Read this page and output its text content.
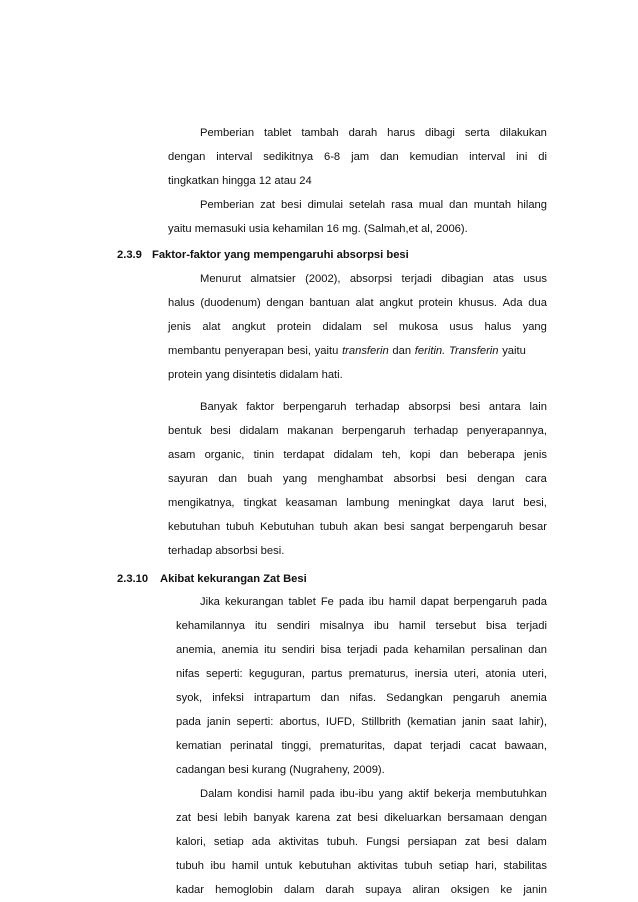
Pemberian tablet tambah darah harus dibagi serta dilakukan
dengan interval sedikitnya 6-8 jam dan kemudian interval ini di
tingkatkan hingga 12 atau 24
Pemberian zat besi dimulai setelah rasa mual dan muntah hilang
yaitu memasuki usia kehamilan 16 mg. (Salmah,et al, 2006).
2.3.9 Faktor-faktor yang mempengaruhi absorpsi besi
Menurut almatsier (2002), absorpsi terjadi dibagian atas usus
halus (duodenum) dengan bantuan alat angkut protein khusus. Ada dua
jenis alat angkut protein didalam sel mukosa usus halus yang
membantu penyerapan besi, yaitu transferin dan feritin. Transferin yaitu
protein yang disintetis didalam hati.
Banyak faktor berpengaruh terhadap absorpsi besi antara lain
bentuk besi didalam makanan berpengaruh terhadap penyerapannya,
asam organic, tinin terdapat didalam teh, kopi dan beberapa jenis
sayuran dan buah yang menghambat absorbsi besi dengan cara
mengikatnya, tingkat keasaman lambung meningkat daya larut besi,
kebutuhan tubuh Kebutuhan tubuh akan besi sangat berpengaruh besar
terhadap absorbsi besi.
2.3.10 Akibat kekurangan Zat Besi
Jika kekurangan tablet Fe pada ibu hamil dapat berpengaruh pada
kehamilannya itu sendiri misalnya ibu hamil tersebut bisa terjadi
anemia, anemia itu sendiri bisa terjadi pada kehamilan persalinan dan
nifas seperti: keguguran, partus prematurus, inersia uteri, atonia uteri,
syok, infeksi intrapartum dan nifas. Sedangkan pengaruh anemia
pada janin seperti: abortus, IUFD, Stillbrith (kematian janin saat lahir),
kematian perinatal tinggi, prematuritas, dapat terjadi cacat bawaan,
cadangan besi kurang (Nugraheny, 2009).
Dalam kondisi hamil pada ibu-ibu yang aktif bekerja membutuhkan
zat besi lebih banyak karena zat besi dikeluarkan bersamaan dengan
kalori, setiap ada aktivitas tubuh. Fungsi persiapan zat besi dalam
tubuh ibu hamil untuk kebutuhan aktivitas tubuh setiap hari, stabilitas
kadar hemoglobin dalam darah supaya aliran oksigen ke janin
